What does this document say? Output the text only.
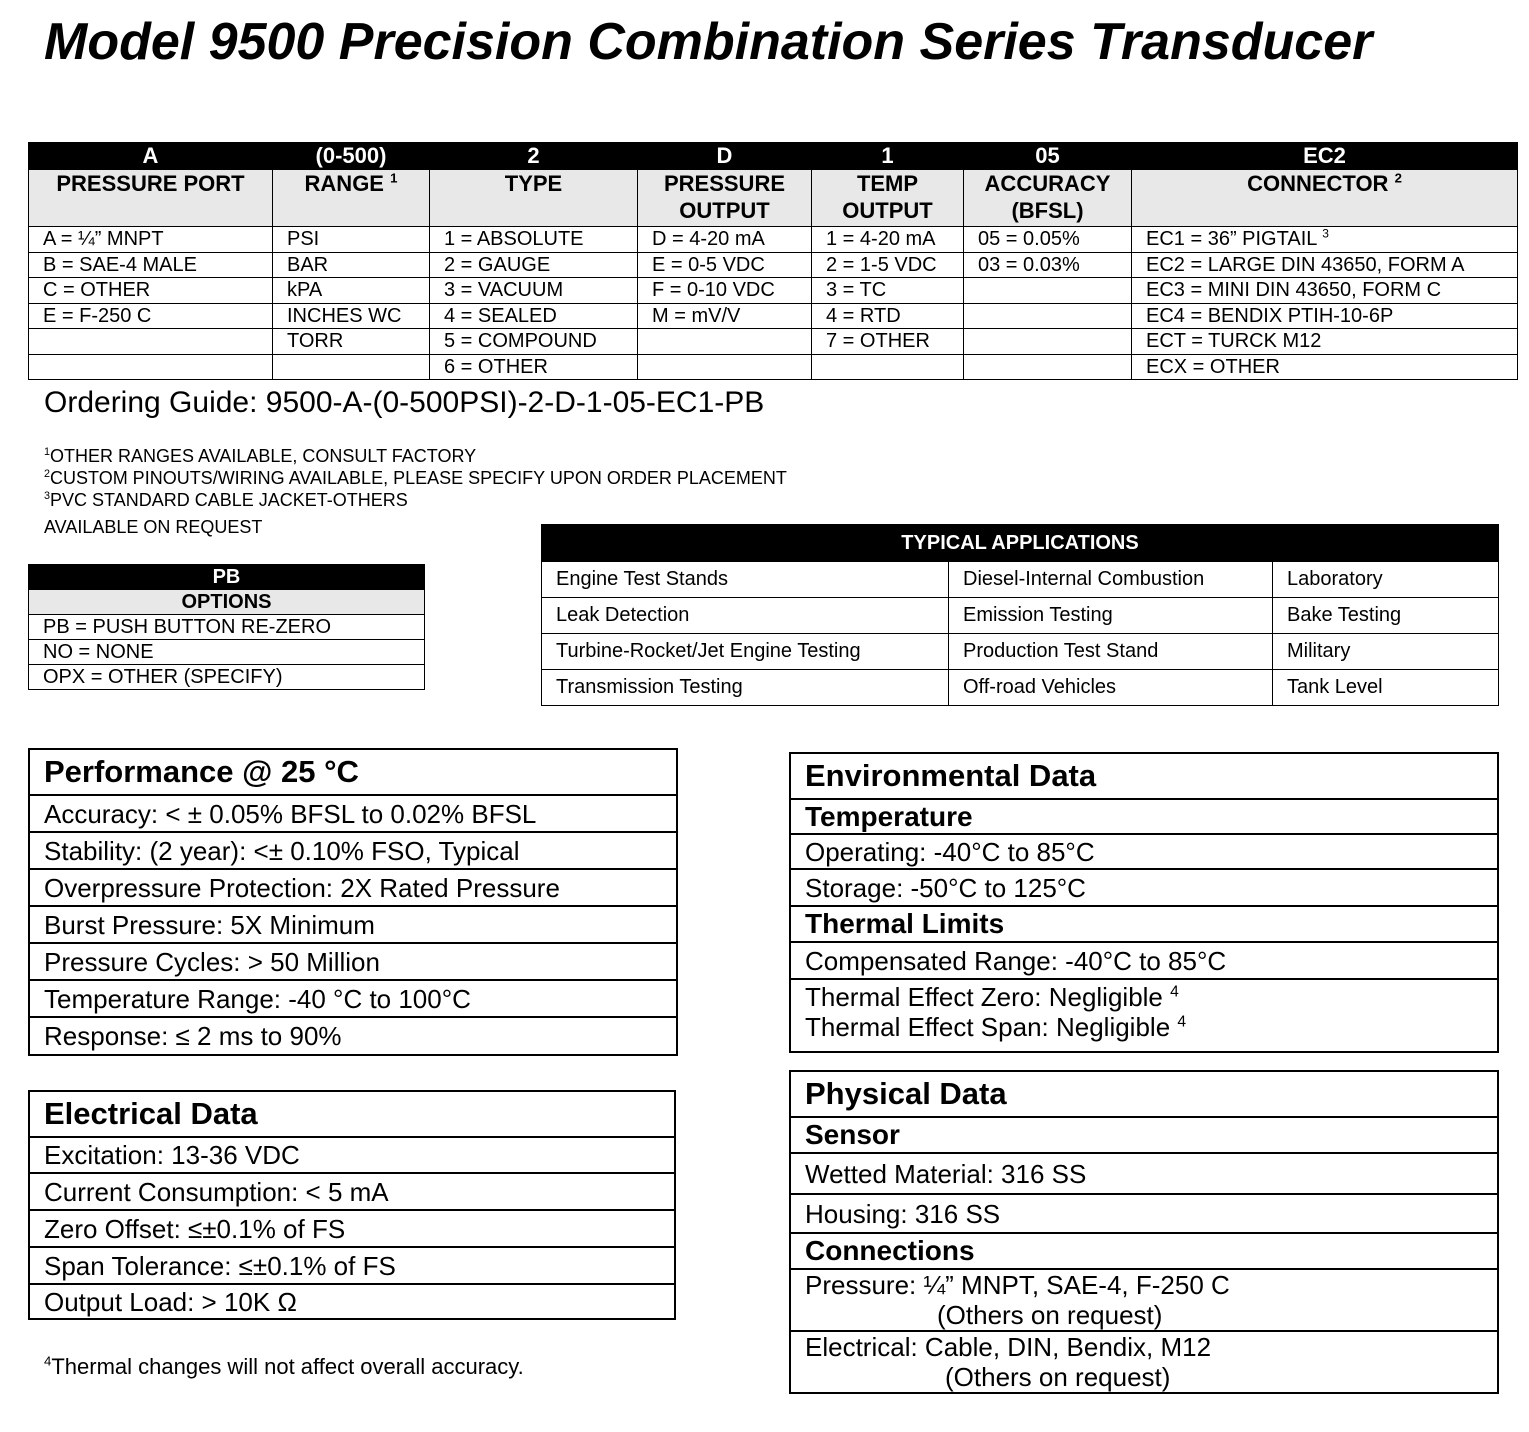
Model 9500 Precision Combination Series Transducer
A	(0-500)	2	D	1	05	EC2
PRESSURE PORT	RANGE $^1$	TYPE	PRESSURE OUTPUT	TEMP OUTPUT	ACCURACY (BFSL)	CONNECTOR $^2$
A = ¼” MNPT	PSI	1 = ABSOLUTE	D = 4-20 mA	1 = 4-20 mA	05 = 0.05%	EC1 = 36” PIGTAIL $^3$
B = SAE-4 MALE	BAR	2 = GAUGE	E = 0-5 VDC	2 = 1-5 VDC	03 = 0.03%	EC2 = LARGE DIN 43650, FORM A
C = OTHER	kPA	3 = VACUUM	F = 0-10 VDC	3 = TC		EC3 = MINI DIN 43650, FORM C
E = F-250 C	INCHES WC	4 = SEALED	M = mV/V	4 = RTD		EC4 = BENDIX PTIH-10-6P
	TORR	5 = COMPOUND		7 = OTHER		ECT = TURCK M12
		6 = OTHER				ECX = OTHER
Ordering Guide: 9500-A-(0-500PSI)-2-D-1-05-EC1-PB
$^1$OTHER RANGES AVAILABLE, CONSULT FACTORY
$^2$CUSTOM PINOUTS/WIRING AVAILABLE, PLEASE SPECIFY UPON ORDER PLACEMENT
$^3$PVC STANDARD CABLE JACKET-OTHERS
AVAILABLE ON REQUEST
PB
OPTIONS
PB = PUSH BUTTON RE-ZERO
NO = NONE
OPX = OTHER (SPECIFY)
TYPICAL APPLICATIONS		
Engine Test Stands	Diesel-Internal Combustion	Laboratory
Leak Detection	Emission Testing	Bake Testing
Turbine-Rocket/Jet Engine Testing	Production Test Stand	Military
Transmission Testing	Off-road Vehicles	Tank Level
Performance @ 25 °C
Accuracy: < ± 0.05% BFSL to 0.02% BFSL
Stability: (2 year): <± 0.10% FSO, Typical
Overpressure Protection: 2X Rated Pressure
Burst Pressure: 5X Minimum
Pressure Cycles: > 50 Million
Temperature Range: -40 °C to 100°C
Response: ≤ 2 ms to 90%
Electrical Data
Excitation: 13-36 VDC
Current Consumption: < 5 mA
Zero Offset: ≤±0.1% of FS
Span Tolerance: ≤±0.1% of FS
Output Load: > 10K Ω
$^4$Thermal changes will not affect overall accuracy.
Environmental Data
Temperature
Operating: -40°C to 85°C
Storage: -50°C to 125°C
Thermal Limits
Compensated Range: -40°C to 85°C
Thermal Effect Zero: Negligible $^4$
Thermal Effect Span: Negligible $^4$
Physical Data
Sensor
Wetted Material: 316 SS
Housing: 316 SS
Connections
Pressure: ¼” MNPT, SAE-4, F-250 C
(Others on request)

Electrical: Cable, DIN, Bendix, M12
(Others on request)
